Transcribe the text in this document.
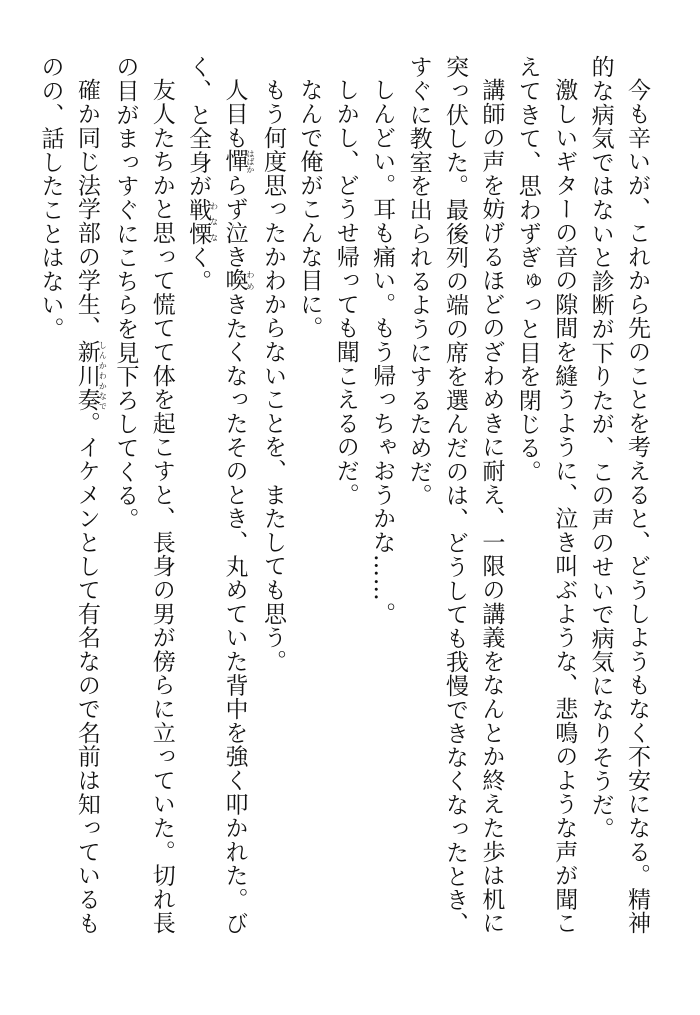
今も辛いが、これから先のことを考えると、どうしようもなく不安になる。精神的な病気ではないと診断が下りたが、この声のせいで病気になりそうだ。

激しいギターの音の隙間を縫うように、泣き叫ぶような、悲鳴のような声が聞こえてきて、思わずぎゅっと目を閉じる。

講師の声を妨げるほどのざわめきに耐え、一限の講義をなんとか終えた歩は机に突っ伏した。最後列の端の席を選んだのは、どうしても我慢できなくなったとき、すぐに教室を出られるようにするためだ。

しんどい。耳も痛い。もう帰っちゃおうかな……。

しかし、どうせ帰っても聞こえるのだ。

なんで俺がこんな目に。

もう何度思ったかわからないことを、またしても思う。

人目も憚はばからず泣き喚わめきたくなったそのとき、丸めていた背中を強く叩かれた。びく、と全身が戦慄わななく。

友人たちかと思って慌てて体を起こすと、長身の男が傍らに立っていた。切れ長の目がまっすぐにこちらを見下ろしてくる。

確か同じ法学部の学生、新川奏しんかわかなで。イケメンとして有名なので名前は知っているものの、話したことはない。
